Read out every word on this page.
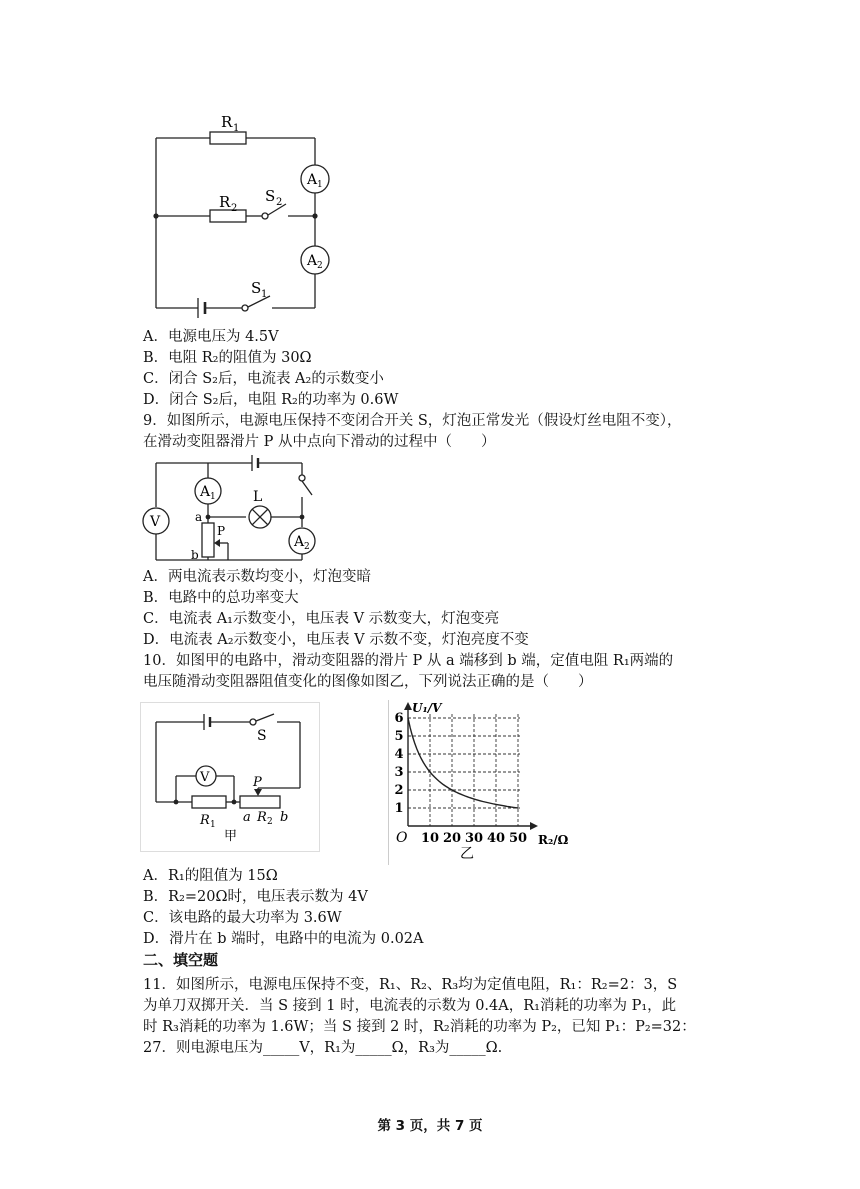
R 1
R 2
S 2
S 1
A 1
A 2
A．电源电压为 4.5V
B．电阻 R₂的阻值为 30Ω
C．闭合 S₂后，电流表 A₂的示数变小
D．闭合 S₂后，电阻 R₂的功率为 0.6W
9．如图所示，电源电压保持不变闭合开关 S，灯泡正常发光（假设灯丝电阻不变），
在滑动变阻器滑片 P 从中点向下滑动的过程中（　　）
V
A 1
A 2
L
a
b
P
A．两电流表示数均变小，灯泡变暗
B．电路中的总功率变大
C．电流表 A₁示数变小，电压表 V 示数变大，灯泡变亮
D．电流表 A₂示数变小，电压表 V 示数不变，灯泡亮度不变
10．如图甲的电路中，滑动变阻器的滑片 P 从 a 端移到 b 端，定值电阻 R₁两端的
电压随滑动变阻器阻值变化的图像如图乙，下列说法正确的是（　　）
S
V	P
R 1 a R 2 b
甲
U₁/V
R₂/Ω
O
乙
10 20 30 40 50
1
2
3
4
5
6
A．R₁的阻值为 15Ω
B．R₂=20Ω时，电压表示数为 4V
C．该电路的最大功率为 3.6W
D．滑片在 b 端时，电路中的电流为 0.02A
二、填空题
11．如图所示，电源电压保持不变，R₁、R₂、R₃均为定值电阻，R₁：R₂=2：3，S
为单刀双掷开关．当 S 接到 1 时，电流表的示数为 0.4A，R₁消耗的功率为 P₁，此
时 R₃消耗的功率为 1.6W；当 S 接到 2 时，R₂消耗的功率为 P₂，已知 P₁：P₂=32：
27．则电源电压为_____V，R₁为_____Ω，R₃为_____Ω.
第 3 页，共 7 页
